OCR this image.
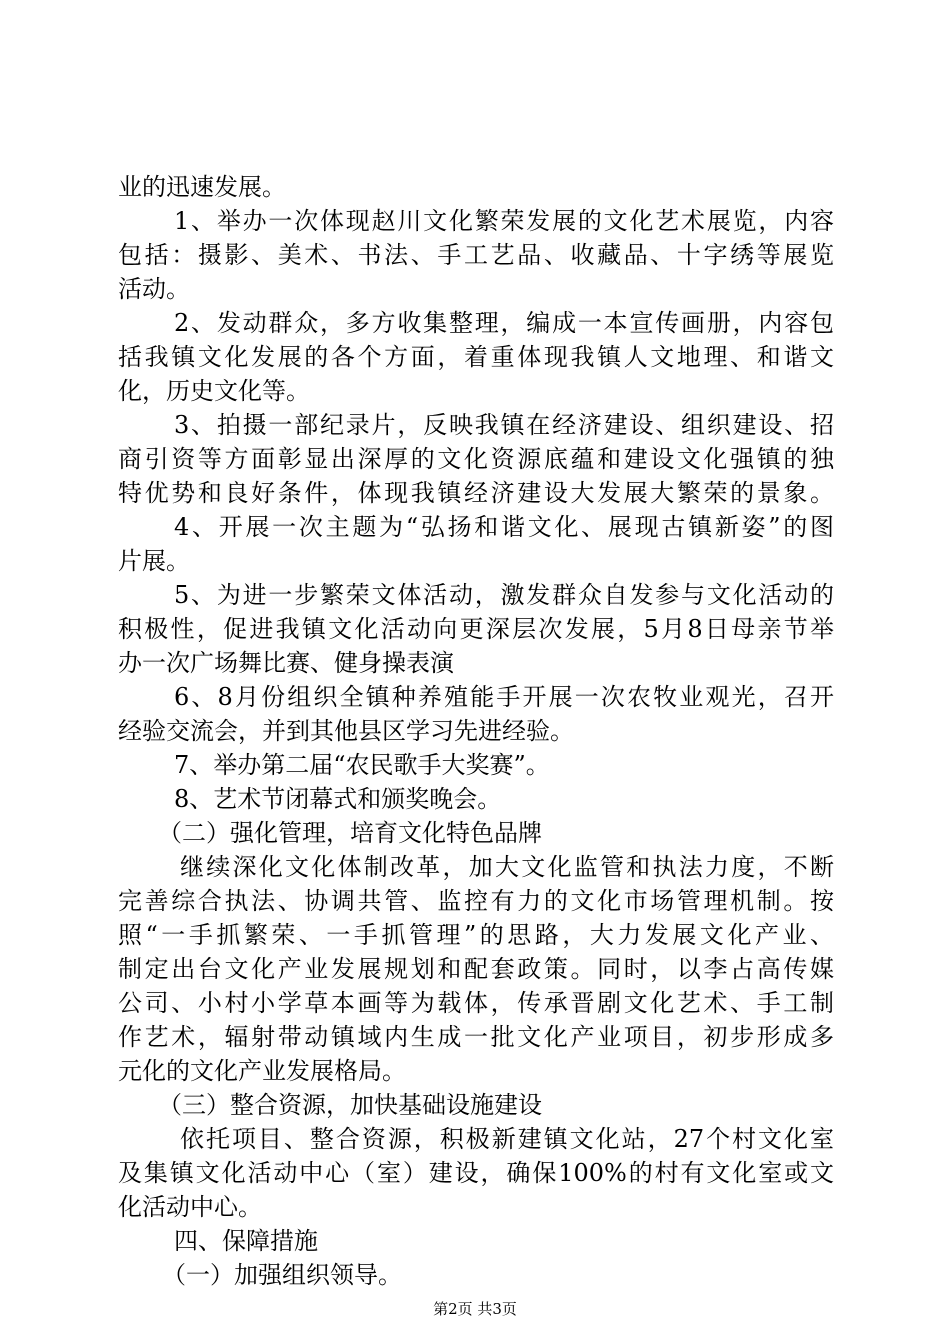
业的迅速发展。
1、举办一次体现赵川文化繁荣发展的文化艺术展览，内容
包括：摄影、美术、书法、手工艺品、收藏品、十字绣等展览
活动。
2、发动群众，多方收集整理，编成一本宣传画册，内容包
括我镇文化发展的各个方面，着重体现我镇人文地理、和谐文
化，历史文化等。
3、拍摄一部纪录片，反映我镇在经济建设、组织建设、招
商引资等方面彰显出深厚的文化资源底蕴和建设文化强镇的独
特优势和良好条件，体现我镇经济建设大发展大繁荣的景象。
4、开展一次主题为“弘扬和谐文化、展现古镇新姿”的图
片展。
5、为进一步繁荣文体活动，激发群众自发参与文化活动的
积极性，促进我镇文化活动向更深层次发展，5月8日母亲节举
办一次广场舞比赛、健身操表演
6、8月份组织全镇种养殖能手开展一次农牧业观光，召开
经验交流会，并到其他县区学习先进经验。
7、举办第二届“农民歌手大奖赛”。
8、艺术节闭幕式和颁奖晚会。
（二）强化管理，培育文化特色品牌
继续深化文化体制改革，加大文化监管和执法力度，不断
完善综合执法、协调共管、监控有力的文化市场管理机制。按
照“一手抓繁荣、一手抓管理”的思路，大力发展文化产业、
制定出台文化产业发展规划和配套政策。同时，以李占高传媒
公司、小村小学草本画等为载体，传承晋剧文化艺术、手工制
作艺术，辐射带动镇域内生成一批文化产业项目，初步形成多
元化的文化产业发展格局。
（三）整合资源，加快基础设施建设
依托项目、整合资源，积极新建镇文化站，27个村文化室
及集镇文化活动中心（室）建设，确保100%的村有文化室或文
化活动中心。
四、保障措施
（一）加强组织领导。
第2页 共3页
